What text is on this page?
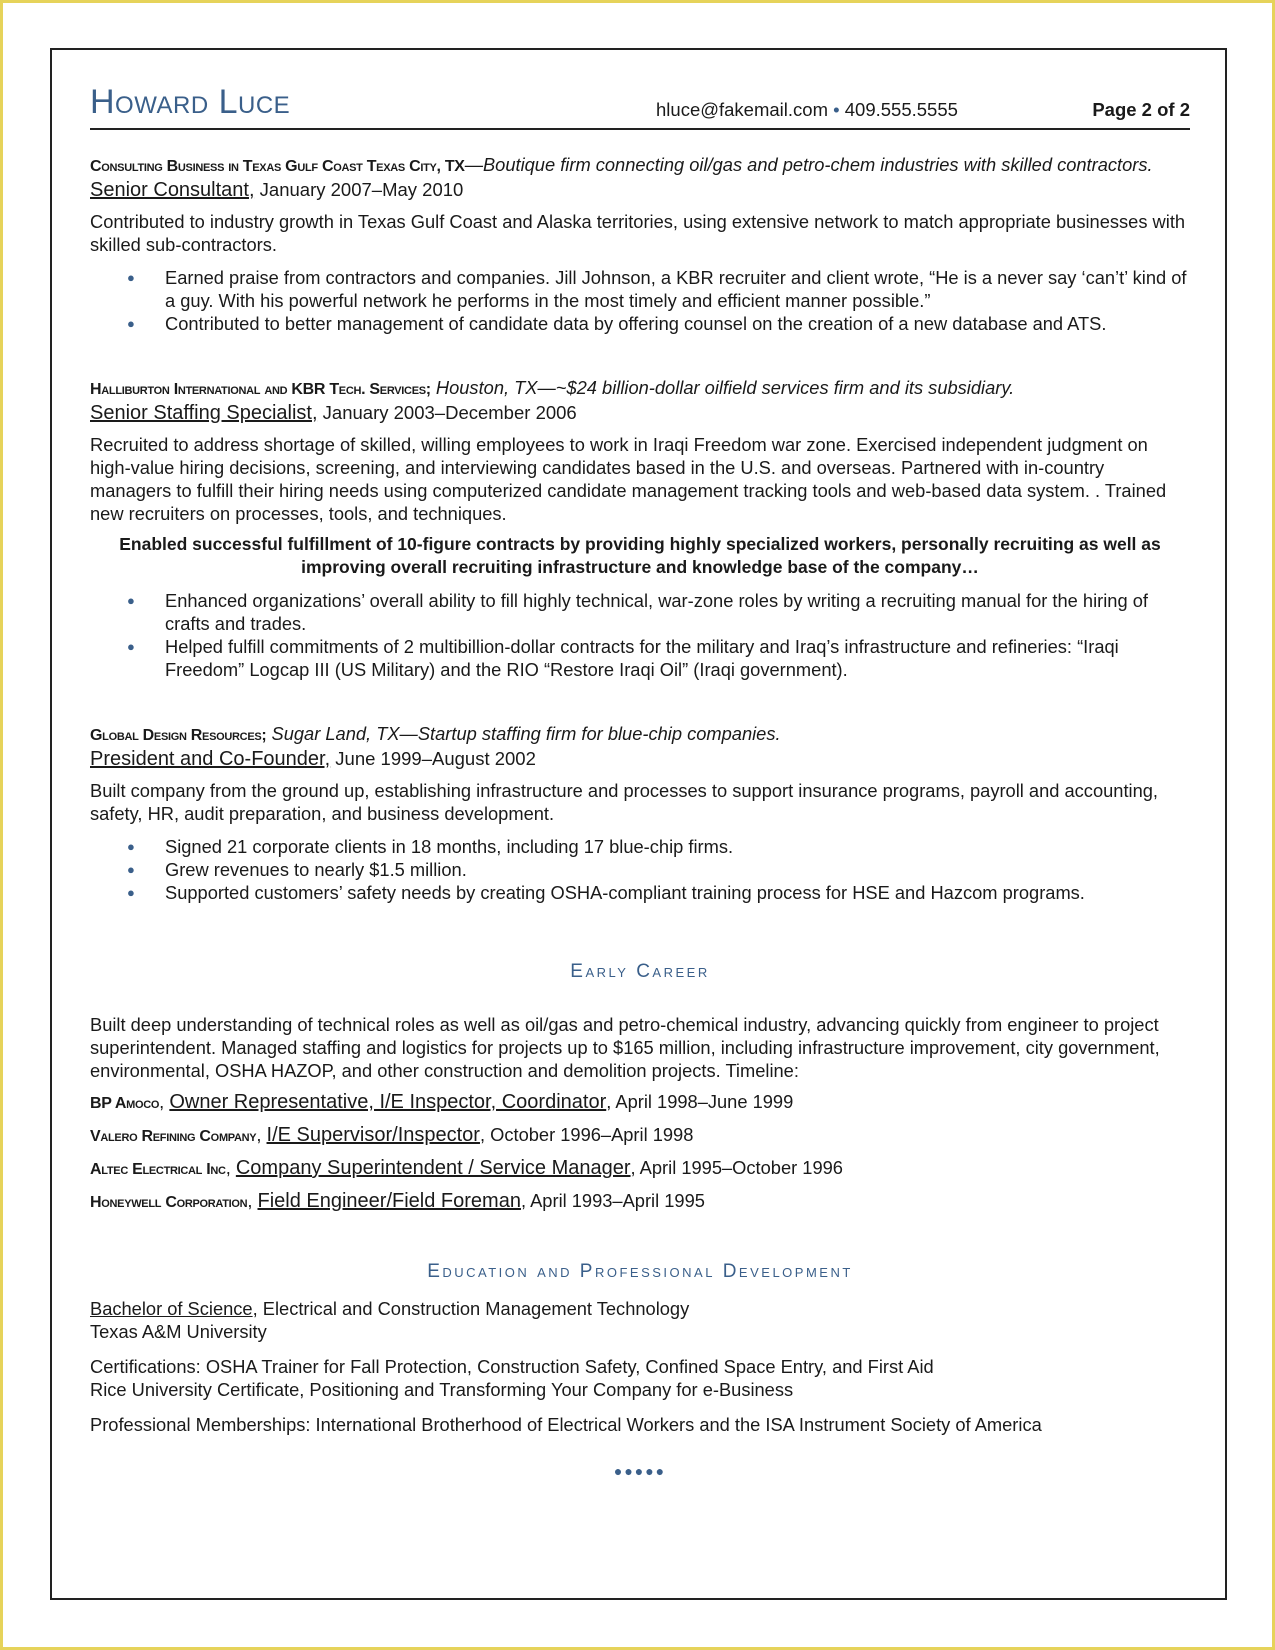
Howard Luce	hluce@fakemail.com • 409.555.5555	Page 2 of 2

Consulting Business in Texas Gulf Coast Texas City, TX—Boutique firm connecting oil/gas and petro-chem industries with skilled contractors.

Senior Consultant, January 2007–May 2010

Contributed to industry growth in Texas Gulf Coast and Alaska territories, using extensive network to match appropriate businesses with skilled sub-contractors.

● Earned praise from contractors and companies. Jill Johnson, a KBR recruiter and client wrote, “He is a never say ‘can’t’ kind of a guy. With his powerful network he performs in the most timely and efficient manner possible.”
● Contributed to better management of candidate data by offering counsel on the creation of a new database and ATS.

Halliburton International and KBR Tech. Services; Houston, TX—~$24 billion-dollar oilfield services firm and its subsidiary.

Senior Staffing Specialist, January 2003–December 2006

Recruited to address shortage of skilled, willing employees to work in Iraqi Freedom war zone. Exercised independent judgment on high-value hiring decisions, screening, and interviewing candidates based in the U.S. and overseas. Partnered with in-country managers to fulfill their hiring needs using computerized candidate management tracking tools and web-based data system. . Trained new recruiters on processes, tools, and techniques.

Enabled successful fulfillment of 10-figure contracts by providing highly specialized workers, personally recruiting as well as improving overall recruiting infrastructure and knowledge base of the company…

● Enhanced organizations’ overall ability to fill highly technical, war-zone roles by writing a recruiting manual for the hiring of crafts and trades.
● Helped fulfill commitments of 2 multibillion-dollar contracts for the military and Iraq’s infrastructure and refineries: “Iraqi Freedom” Logcap III (US Military) and the RIO “Restore Iraqi Oil” (Iraqi government).

Global Design Resources; Sugar Land, TX—Startup staffing firm for blue-chip companies.

President and Co-Founder, June 1999–August 2002

Built company from the ground up, establishing infrastructure and processes to support insurance programs, payroll and accounting, safety, HR, audit preparation, and business development.

● Signed 21 corporate clients in 18 months, including 17 blue-chip firms.
● Grew revenues to nearly $1.5 million.
● Supported customers’ safety needs by creating OSHA-compliant training process for HSE and Hazcom programs.
Early Career

Built deep understanding of technical roles as well as oil/gas and petro-chemical industry, advancing quickly from engineer to project superintendent. Managed staffing and logistics for projects up to $165 million, including infrastructure improvement, city government, environmental, OSHA HAZOP, and other construction and demolition projects. Timeline:

BP Amoco, Owner Representative, I/E Inspector, Coordinator, April 1998–June 1999

Valero Refining Company, I/E Supervisor/Inspector, October 1996–April 1998

Altec Electrical Inc, Company Superintendent / Service Manager, April 1995–October 1996

Honeywell Corporation, Field Engineer/Field Foreman, April 1993–April 1995

Education and Professional Development

Bachelor of Science, Electrical and Construction Management Technology

Texas A&M University

Certifications: OSHA Trainer for Fall Protection, Construction Safety, Confined Space Entry, and First Aid

Rice University Certificate, Positioning and Transforming Your Company for e-Business

Professional Memberships: International Brotherhood of Electrical Workers and the ISA Instrument Society of America

●●●●●
